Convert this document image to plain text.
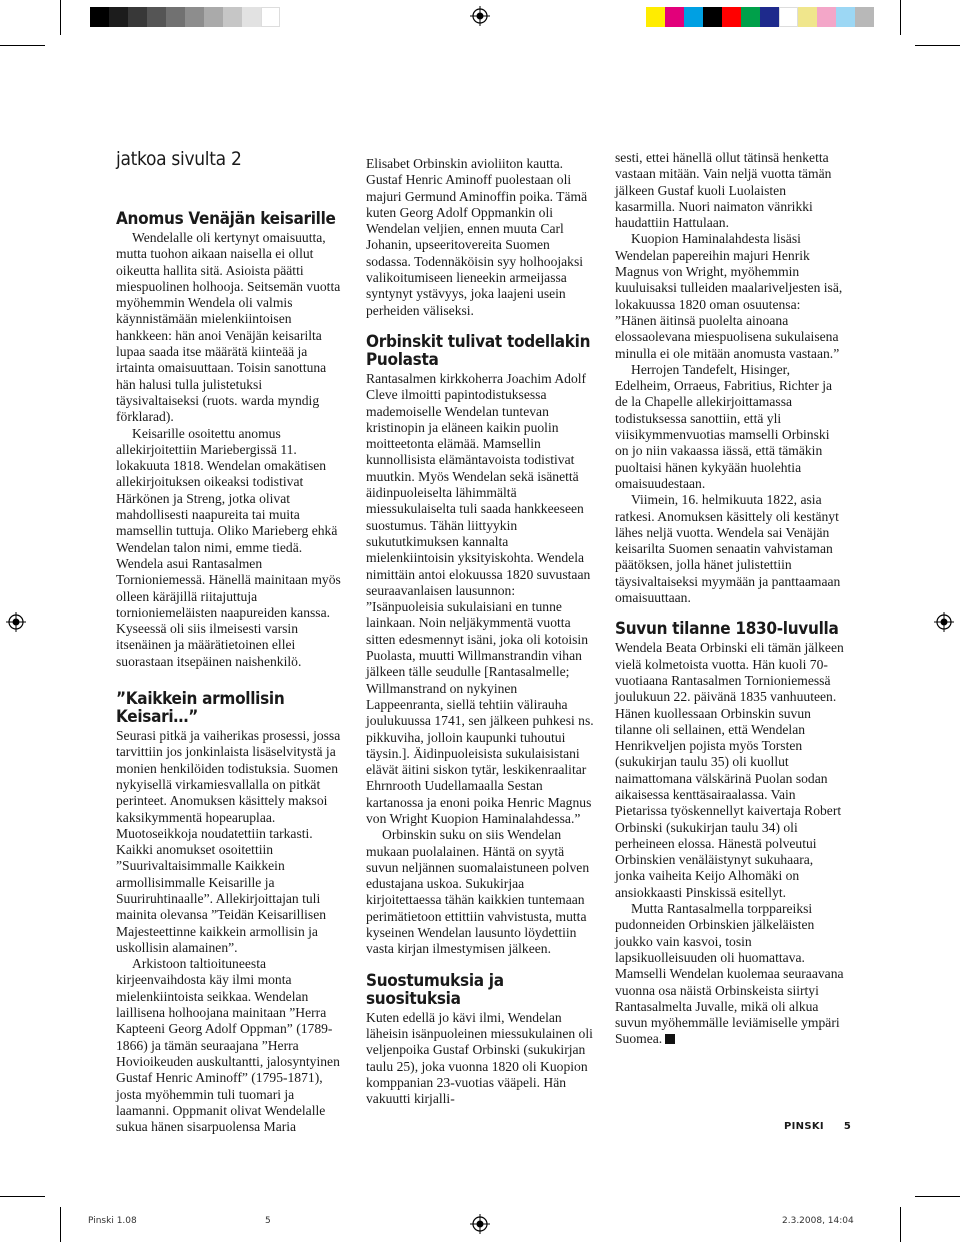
jatkoa sivulta 2
Anomus Venäjän keisarille

Wendelalle oli kertynyt omaisuutta, mutta tuohon aikaan naisella ei ollut oikeutta hallita sitä. Asioista päätti miespuolinen holhooja. Seitsemän vuotta myöhemmin Wendela oli valmis käynnistämään mielenkiintoisen hankkeen: hän anoi Venäjän keisarilta lupaa saada itse määrätä kiinteää ja irtainta omaisuuttaan. Toisin sanottuna hän halusi tulla julistetuksi täysivaltaiseksi (ruots. warda myndig förklarad).

Keisarille osoitettu anomus allekirjoitettiin Mariebergissä 11. lokakuuta 1818. Wendelan omakätisen allekirjoituksen oikeaksi todistivat Härkönen ja Streng, jotka olivat mahdollisesti naapureita tai muita mamsellin tuttuja. Oliko Marieberg ehkä Wendelan talon nimi, emme tiedä. Wendela asui Rantasalmen Tornioniemessä. Hänellä mainitaan myös olleen käräjillä riitajuttuja tornioniemeläisten naapureiden kanssa. Kyseessä oli siis ilmeisesti varsin itsenäinen ja määrätietoinen ellei suorastaan itsepäinen naishenkilö.

”Kaikkein armollisin Keisari…”

Seurasi pitkä ja vaiherikas prosessi, jossa tarvittiin jos jonkinlaista lisäselvitystä ja monien henkilöiden todistuksia. Suomen nykyisellä virkamiesvallalla on pitkät perinteet. Anomuksen käsittely maksoi kaksikymmentä hopearuplaa. Muotoseikkoja noudatettiin tarkasti. Kaikki anomukset osoitettiin ”Suurivaltaisimmalle Kaikkein armollisimmalle Keisarille ja Suuriruhtinaalle”. Allekirjoittajan tuli mainita olevansa ”Teidän Keisarillisen Majesteettinne kaikkein armollisin ja uskollisin alamainen”.

Arkistoon taltioituneesta kirjeenvaihdosta käy ilmi monta mielenkiintoista seikkaa. Wendelan laillisena holhoojana mainitaan ”Herra Kapteeni Georg Adolf Oppman” (1789-1866) ja tämän seuraajana ”Herra Hovioikeuden auskultantti, jalosyntyinen Gustaf Henric Aminoff” (1795-1871), josta myöhemmin tuli tuomari ja laamanni. Oppmanit olivat Wendelalle sukua hänen sisarpuolensa Maria

Elisabet Orbinskin avioliiton kautta. Gustaf Henric Aminoff puolestaan oli majuri Germund Aminoffin poika. Tämä kuten Georg Adolf Oppmankin oli Wendelan veljien, ennen muuta Carl Johanin, upseeritovereita Suomen sodassa. Todennäköisin syy holhoojaksi valikoitumiseen lieneekin armeijassa syntynyt ystävyys, joka laajeni usein perheiden väliseksi.

Orbinskit tulivat todellakin Puolasta

Rantasalmen kirkkoherra Joachim Adolf Cleve ilmoitti papintodistuksessa mademoiselle Wendelan tuntevan kristinopin ja eläneen kaikin puolin moitteetonta elämää. Mamsellin kunnollisista elämäntavoista todistivat muutkin. Myös Wendelan sekä isänettä äidinpuoleiselta lähimmältä miessukulaiselta tuli saada hankkeeseen suostumus. Tähän liittyykin sukututkimuksen kannalta mielenkiintoisin yksityiskohta. Wendela nimittäin antoi elokuussa 1820 suvustaan seuraavanlaisen lausunnon: ”Isänpuoleisia sukulaisiani en tunne lainkaan. Noin neljäkymmentä vuotta sitten edesmennyt isäni, joka oli kotoisin Puolasta, muutti Willmanstrandin vihan jälkeen tälle seudulle [Rantasalmelle; Willmanstrand on nykyinen Lappeenranta, siellä tehtiin välirauha joulukuussa 1741, sen jälkeen puhkesi ns. pikkuviha, jolloin kaupunki tuhoutui täysin.]. Äidinpuoleisista sukulaisistani elävät äitini siskon tytär, leskikenraalitar Ehrnrooth Uudellamaalla Sestan kartanossa ja enoni poika Henric Magnus von Wright Kuopion Haminalahdessa.”

Orbinskin suku on siis Wendelan mukaan puolalainen. Häntä on syytä suvun neljännen suomalaistuneen polven edustajana uskoa. Sukukirjaa kirjoitettaessa tähän kaikkien tuntemaan perimätietoon ettittiin vahvistusta, mutta kyseinen Wendelan lausunto löydettiin vasta kirjan ilmestymisen jälkeen.

Suostumuksia ja suosituksia

Kuten edellä jo kävi ilmi, Wendelan läheisin isänpuoleinen miessukulainen oli veljenpoika Gustaf Orbinski (sukukirjan taulu 25), joka vuonna 1820 oli Kuopion komppanian 23-vuotias vääpeli. Hän vakuutti kirjalli-

sesti, ettei hänellä ollut tätinsä henketta vastaan mitään. Vain neljä vuotta tämän jälkeen Gustaf kuoli Luolaisten kasarmilla. Nuori naimaton vänrikki haudattiin Hattulaan.

Kuopion Haminalahdesta lisäsi Wendelan papereihin majuri Henrik Magnus von Wright, myöhemmin kuuluisaksi tulleiden maalariveljesten isä, lokakuussa 1820 oman osuutensa: ”Hänen äitinsä puolelta ainoana elossaolevana miespuolisena sukulaisena minulla ei ole mitään anomusta vastaan.”

Herrojen Tandefelt, Hisinger, Edelheim, Orraeus, Fabritius, Richter ja de la Chapelle allekirjoittamassa todistuksessa sanottiin, että yli viisikymmenvuotias mamselli Orbinski on jo niin vakaassa iässä, että tämäkin puoltaisi hänen kykyään huolehtia omaisuudestaan.

Viimein, 16. helmikuuta 1822, asia ratkesi. Anomuksen käsittely oli kestänyt lähes neljä vuotta. Wendela sai Venäjän keisarilta Suomen senaatin vahvistaman päätöksen, jolla hänet julistettiin täysivaltaiseksi myymään ja panttaamaan omaisuuttaan.

Suvun tilanne 1830-luvulla

Wendela Beata Orbinski eli tämän jälkeen vielä kolmetoista vuotta. Hän kuoli 70-vuotiaana Rantasalmen Tornioniemessä joulukuun 22. päivänä 1835 vanhuuteen. Hänen kuollessaan Orbinskin suvun tilanne oli sellainen, että Wendelan Henrikveljen pojista myös Torsten (sukukirjan taulu 35) oli kuollut naimattomana välskärinä Puolan sodan aikaisessa kenttäsairaalassa. Vain Pietarissa työskennellyt kaivertaja Robert Orbinski (sukukirjan taulu 34) oli perheineen elossa. Hänestä polveutui Orbinskien venäläistynyt sukuhaara, jonka vaiheita Keijo Alhomäki on ansiokkaasti Pinskissä esitellyt.

Mutta Rantasalmella torppareiksi pudonneiden Orbinskien jälkeläisten joukko vain kasvoi, tosin lapsikuolleisuuden oli huomattava. Mamselli Wendelan kuolemaa seuraavana vuonna osa näistä Orbinskeista siirtyi Rantasalmelta Juvalle, mikä oli alkua suvun myöhemmälle leviämiselle ympäri Suomea.

PINSKI 5
Pinski 1.08	5	2.3.2008, 14:04
